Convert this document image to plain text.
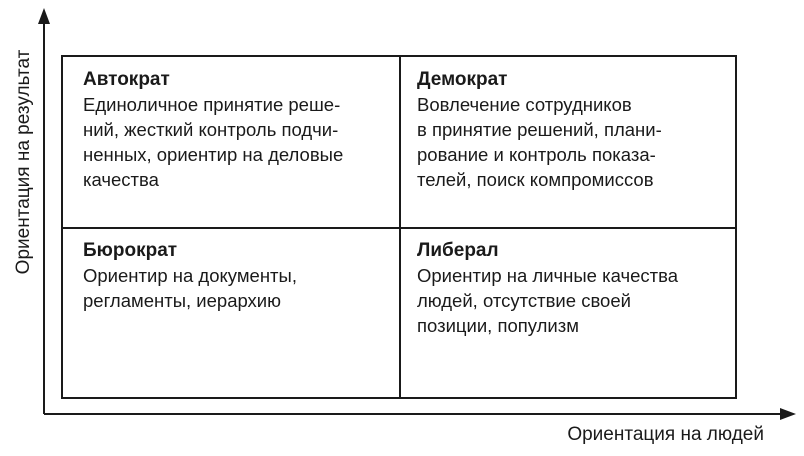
Ориентация на результат
Ориентация на людей
Автократ
Единоличное принятие реше-
ний, жесткий контроль подчи-
ненных, ориентир на деловые
качества
Демократ
Вовлечение сотрудников
в принятие решений, плани-
рование и контроль показа-
телей, поиск компромиссов
Бюрократ
Ориентир на документы,
регламенты, иерархию
Либерал
Ориентир на личные качества
людей, отсутствие своей
позиции, популизм
